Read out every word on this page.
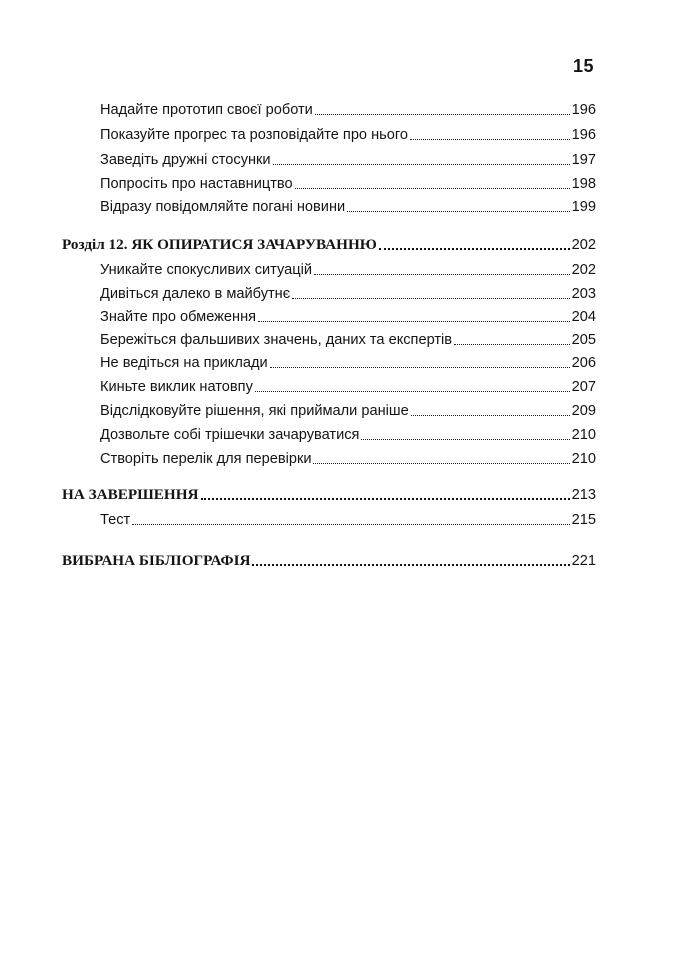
15
Надайте прототип своєї роботи	196
Показуйте прогрес та розповідайте про нього	196
Заведіть дружні стосунки	197
Попросіть про наставництво	198
Відразу повідомляйте погані новини	199
Розділ 12. ЯК ОПИРАТИСЯ ЗАЧАРУВАННЮ	202
Уникайте спокусливих ситуацій	202
Дивіться далеко в майбутнє	203
Знайте про обмеження	204
Бережіться фальшивих значень, даних та експертів	205
Не ведіться на приклади	206
Киньте виклик натовпу	207
Відслідковуйте рішення, які приймали раніше	209
Дозвольте собі трішечки зачаруватися	210
Створіть перелік для перевірки	210
НА ЗАВЕРШЕННЯ	213
Тест	215
ВИБРАНА БІБЛІОГРАФІЯ	221
